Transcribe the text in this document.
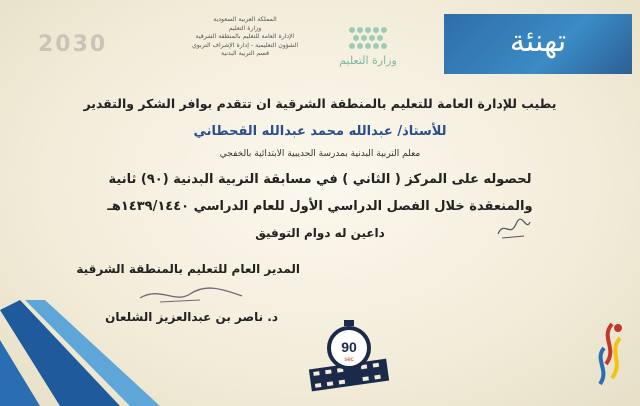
2030
المملكة العربية السعودية
وزارة التعليم
الإدارة العامة للتعليم بالمنطقة الشرقية
الشؤون التعليمية - إدارة الإشراف التربوي
قسم التربية البدنية
وزارة التعليم
تهنئة
يطيب للإدارة العامة للتعليم بالمنطقة الشرقية ان تتقدم بوافر الشكر والتقدير
للأستاذ/ عبدالله محمد عبدالله القحطاني
معلم التربية البدنية بمدرسة الحديبية الابتدائية بالخفجي
لحصوله على المركز ( الثاني ) في مسابقة التربية البدنية (٩٠) ثانية
والمنعقدة خلال الفصل الدراسي الأول للعام الدراسي ١٤٣٩/١٤٤٠هـ
داعين له دوام التوفيق
المدير العام للتعليم بالمنطقة الشرقية
د. ناصر بن عبدالعزيز الشلعان
90
sec
